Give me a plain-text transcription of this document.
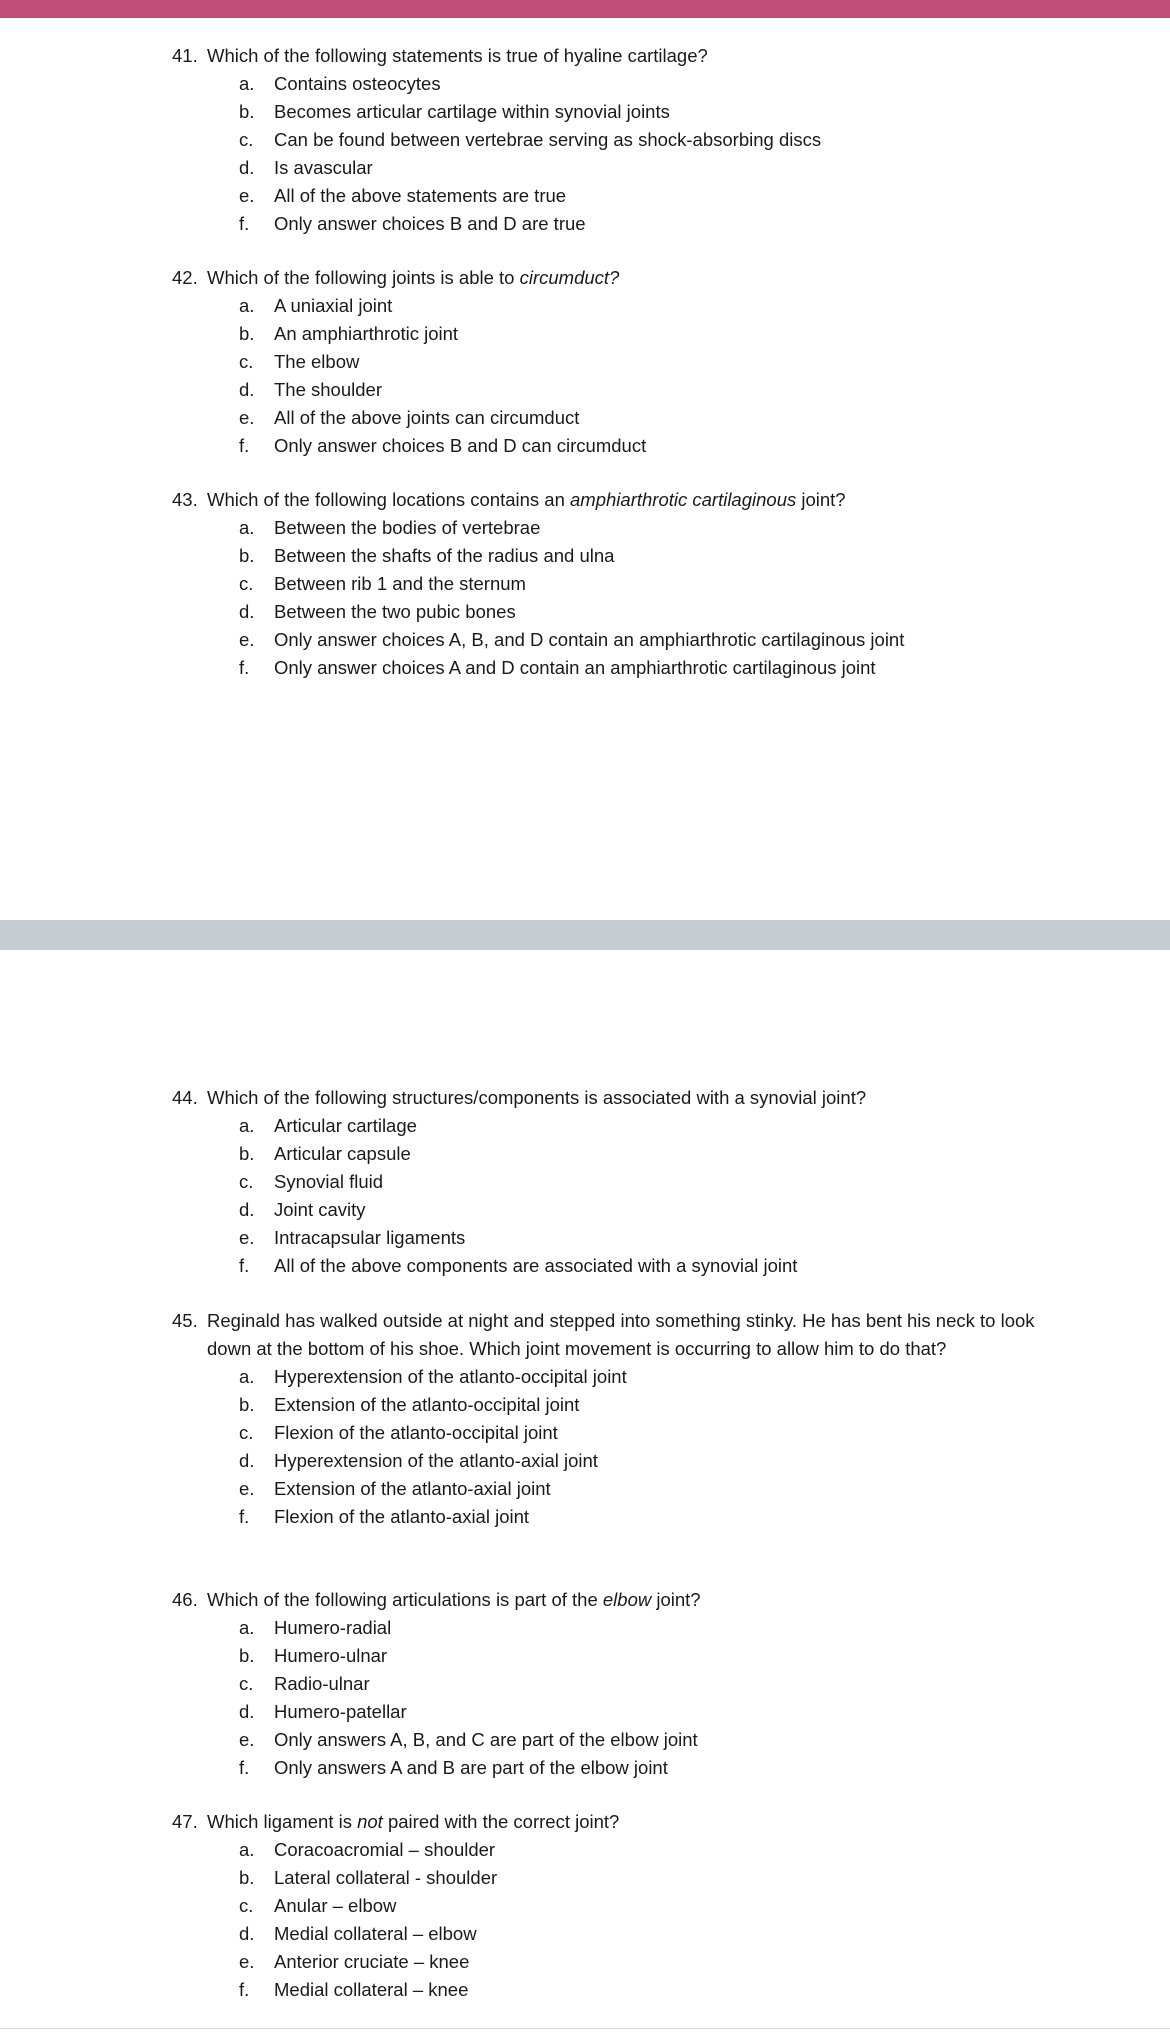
41. Which of the following statements is true of hyaline cartilage?
a.	Contains osteocytes
b.	Becomes articular cartilage within synovial joints
c.	Can be found between vertebrae serving as shock-absorbing discs
d.	Is avascular
e.	All of the above statements are true
f.	Only answer choices B and D are true
42. Which of the following joints is able to circumduct?
a.	A uniaxial joint
b.	An amphiarthrotic joint
c.	The elbow
d.	The shoulder
e.	All of the above joints can circumduct
f.	Only answer choices B and D can circumduct
43. Which of the following locations contains an amphiarthrotic cartilaginous joint?
a.	Between the bodies of vertebrae
b.	Between the shafts of the radius and ulna
c.	Between rib 1 and the sternum
d.	Between the two pubic bones
e.	Only answer choices A, B, and D contain an amphiarthrotic cartilaginous joint
f.	Only answer choices A and D contain an amphiarthrotic cartilaginous joint
44. Which of the following structures/components is associated with a synovial joint?
a.	Articular cartilage
b.	Articular capsule
c.	Synovial fluid
d.	Joint cavity
e.	Intracapsular ligaments
f.	All of the above components are associated with a synovial joint
45. Reginald has walked outside at night and stepped into something stinky. He has bent his neck to look down at the bottom of his shoe. Which joint movement is occurring to allow him to do that?
a.	Hyperextension of the atlanto-occipital joint
b.	Extension of the atlanto-occipital joint
c.	Flexion of the atlanto-occipital joint
d.	Hyperextension of the atlanto-axial joint
e.	Extension of the atlanto-axial joint
f.	Flexion of the atlanto-axial joint
46. Which of the following articulations is part of the elbow joint?
a.	Humero-radial
b.	Humero-ulnar
c.	Radio-ulnar
d.	Humero-patellar
e.	Only answers A, B, and C are part of the elbow joint
f.	Only answers A and B are part of the elbow joint
47. Which ligament is not paired with the correct joint?
a.	Coracoacromial – shoulder
b.	Lateral collateral - shoulder
c.	Anular – elbow
d.	Medial collateral – elbow
e.	Anterior cruciate – knee
f.	Medial collateral – knee
